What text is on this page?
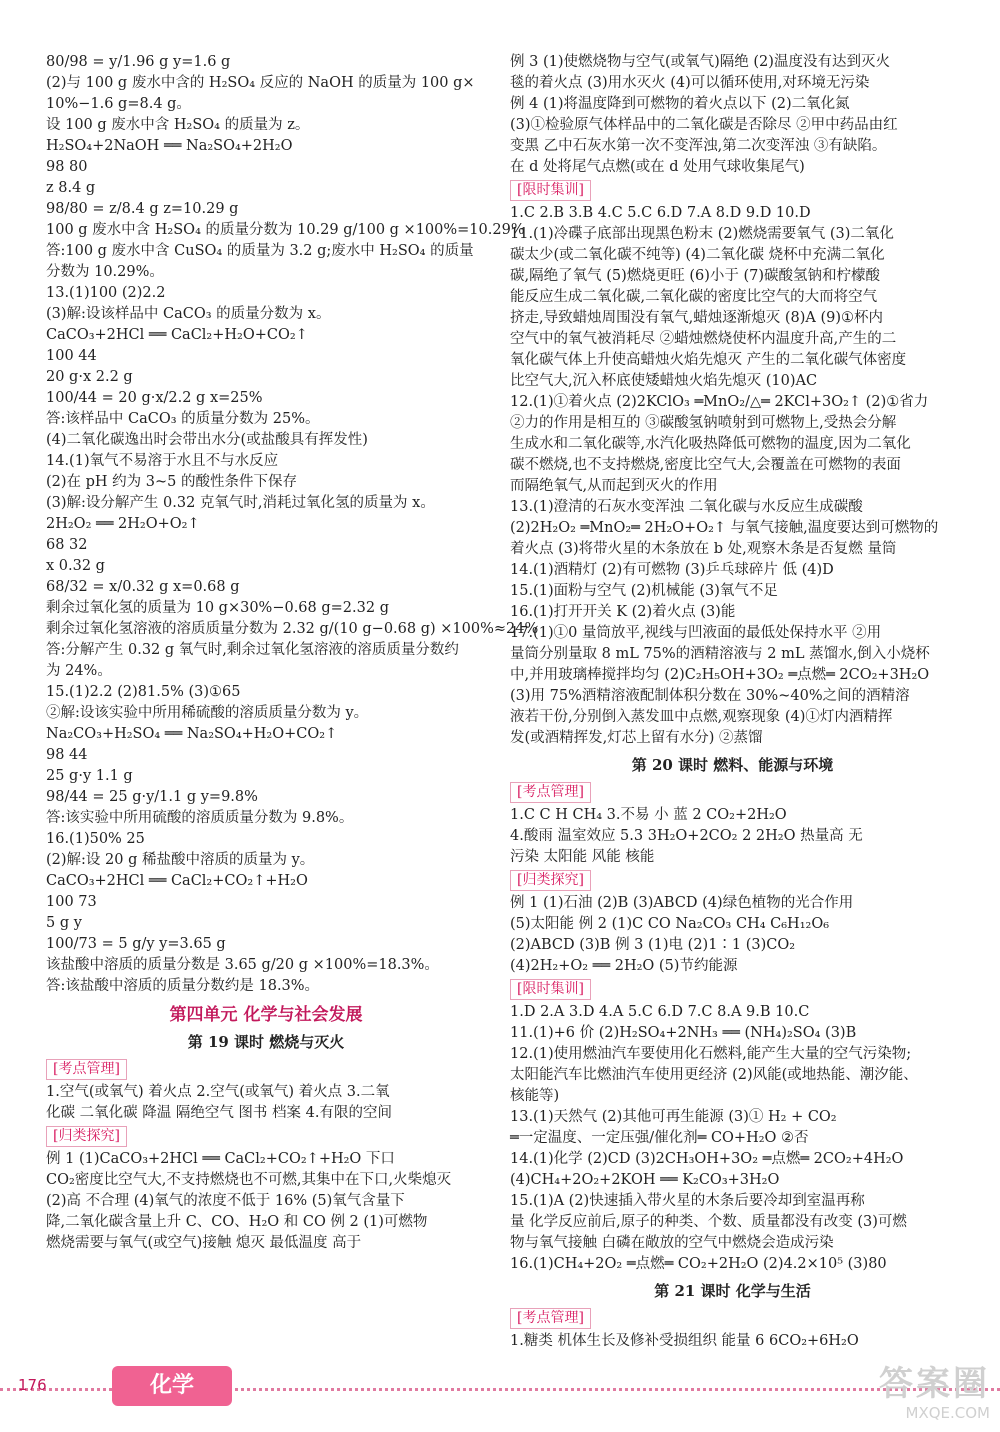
80/98 = y/1.96 g y=1.6 g
(2)与 100 g 废水中含的 H₂SO₄ 反应的 NaOH 的质量为 100 g×
10%−1.6 g=8.4 g。
设 100 g 废水中含 H₂SO₄ 的质量为 z。
H₂SO₄+2NaOH ══ Na₂SO₄+2H₂O
98 80
z 8.4 g
98/80 = z/8.4 g z=10.29 g
100 g 废水中含 H₂SO₄ 的质量分数为 10.29 g/100 g ×100%=10.29%
答:100 g 废水中含 CuSO₄ 的质量为 3.2 g;废水中 H₂SO₄ 的质量
分数为 10.29%。
13.(1)100 (2)2.2
(3)解:设该样品中 CaCO₃ 的质量分数为 x。
CaCO₃+2HCl ══ CaCl₂+H₂O+CO₂↑
100 44
20 g·x 2.2 g
100/44 = 20 g·x/2.2 g x=25%
答:该样品中 CaCO₃ 的质量分数为 25%。
(4)二氧化碳逸出时会带出水分(或盐酸具有挥发性)
14.(1)氧气不易溶于水且不与水反应
(2)在 pH 约为 3~5 的酸性条件下保存
(3)解:设分解产生 0.32 克氧气时,消耗过氧化氢的质量为 x。
2H₂O₂ ══ 2H₂O+O₂↑
68 32
x 0.32 g
68/32 = x/0.32 g x=0.68 g
剩余过氧化氢的质量为 10 g×30%−0.68 g=2.32 g
剩余过氧化氢溶液的溶质质量分数为 2.32 g/(10 g−0.68 g) ×100%≈24%
答:分解产生 0.32 g 氧气时,剩余过氧化氢溶液的溶质质量分数约
为 24%。
15.(1)2.2 (2)81.5% (3)①65
②解:设该实验中所用稀硫酸的溶质质量分数为 y。
Na₂CO₃+H₂SO₄ ══ Na₂SO₄+H₂O+CO₂↑
98 44
25 g·y 1.1 g
98/44 = 25 g·y/1.1 g y=9.8%
答:该实验中所用硫酸的溶质质量分数为 9.8%。
16.(1)50% 25
(2)解:设 20 g 稀盐酸中溶质的质量为 y。
CaCO₃+2HCl ══ CaCl₂+CO₂↑+H₂O
100 73
5 g y
100/73 = 5 g/y y=3.65 g
该盐酸中溶质的质量分数是 3.65 g/20 g ×100%=18.3%。
答:该盐酸中溶质的质量分数约是 18.3%。
第四单元 化学与社会发展
第 19 课时 燃烧与灭火
[考点管理]
1.空气(或氧气) 着火点 2.空气(或氧气) 着火点 3.二氧
化碳 二氧化碳 降温 隔绝空气 图书 档案 4.有限的空间
[归类探究]
例 1 (1)CaCO₃+2HCl ══ CaCl₂+CO₂↑+H₂O 下口
CO₂密度比空气大,不支持燃烧也不可燃,其集中在下口,火柴熄灭
(2)高 不合理 (4)氧气的浓度不低于 16% (5)氧气含量下
降,二氧化碳含量上升 C、CO、H₂O 和 CO 例 2 (1)可燃物
燃烧需要与氧气(或空气)接触 熄灭 最低温度 高于
例 3 (1)使燃烧物与空气(或氧气)隔绝 (2)温度没有达到灭火
毯的着火点 (3)用水灭火 (4)可以循环使用,对环境无污染
例 4 (1)将温度降到可燃物的着火点以下 (2)二氧化氮
(3)①检验原气体样品中的二氧化碳是否除尽 ②甲中药品由红
变黑 乙中石灰水第一次不变浑浊,第二次变浑浊 ③有缺陷。
在 d 处将尾气点燃(或在 d 处用气球收集尾气)
[限时集训]
1.C 2.B 3.B 4.C 5.C 6.D 7.A 8.D 9.D 10.D
11.(1)冷碟子底部出现黑色粉末 (2)燃烧需要氧气 (3)二氧化
碳太少(或二氧化碳不纯等) (4)二氧化碳 烧杯中充满二氧化
碳,隔绝了氧气 (5)燃烧更旺 (6)小于 (7)碳酸氢钠和柠檬酸
能反应生成二氧化碳,二氧化碳的密度比空气的大而将空气
挤走,导致蜡烛周围没有氧气,蜡烛逐渐熄灭 (8)A (9)①杯内
空气中的氧气被消耗尽 ②蜡烛燃烧使杯内温度升高,产生的二
氧化碳气体上升使高蜡烛火焰先熄灭 产生的二氧化碳气体密度
比空气大,沉入杯底使矮蜡烛火焰先熄灭 (10)AC
12.(1)①着火点 (2)2KClO₃ ═MnO₂/△═ 2KCl+3O₂↑ (2)①省力
②力的作用是相互的 ③碳酸氢钠喷射到可燃物上,受热会分解
生成水和二氧化碳等,水汽化吸热降低可燃物的温度,因为二氧化
碳不燃烧,也不支持燃烧,密度比空气大,会覆盖在可燃物的表面
而隔绝氧气,从而起到灭火的作用
13.(1)澄清的石灰水变浑浊 二氧化碳与水反应生成碳酸
(2)2H₂O₂ ═MnO₂═ 2H₂O+O₂↑ 与氧气接触,温度要达到可燃物的
着火点 (3)将带火星的木条放在 b 处,观察木条是否复燃 量筒
14.(1)酒精灯 (2)有可燃物 (3)乒乓球碎片 低 (4)D
15.(1)面粉与空气 (2)机械能 (3)氧气不足
16.(1)打开开关 K (2)着火点 (3)能
17.(1)①0 量筒放平,视线与凹液面的最低处保持水平 ②用
量筒分别量取 8 mL 75%的酒精溶液与 2 mL 蒸馏水,倒入小烧杯
中,并用玻璃棒搅拌均匀 (2)C₂H₅OH+3O₂ ═点燃═ 2CO₂+3H₂O
(3)用 75%酒精溶液配制体积分数在 30%~40%之间的酒精溶
液若干份,分别倒入蒸发皿中点燃,观察现象 (4)①灯内酒精挥
发(或酒精挥发,灯芯上留有水分) ②蒸馏
第 20 课时 燃料、能源与环境
[考点管理]
1.C C H CH₄ 3.不易 小 蓝 2 CO₂+2H₂O
4.酸雨 温室效应 5.3 3H₂O+2CO₂ 2 2H₂O 热量高 无
污染 太阳能 风能 核能
[归类探究]
例 1 (1)石油 (2)B (3)ABCD (4)绿色植物的光合作用
(5)太阳能 例 2 (1)C CO Na₂CO₃ CH₄ C₆H₁₂O₆
(2)ABCD (3)B 例 3 (1)电 (2)1∶1 (3)CO₂
(4)2H₂+O₂ ══ 2H₂O (5)节约能源
[限时集训]
1.D 2.A 3.D 4.A 5.C 6.D 7.C 8.A 9.B 10.C
11.(1)+6 价 (2)H₂SO₄+2NH₃ ══ (NH₄)₂SO₄ (3)B
12.(1)使用燃油汽车要使用化石燃料,能产生大量的空气污染物;
太阳能汽车比燃油汽车使用更经济 (2)风能(或地热能、潮汐能、
核能等)
13.(1)天然气 (2)其他可再生能源 (3)① H₂ + CO₂
═一定温度、一定压强/催化剂═ CO+H₂O ②否
14.(1)化学 (2)CD (3)2CH₃OH+3O₂ ═点燃═ 2CO₂+4H₂O
(4)CH₄+2O₂+2KOH ══ K₂CO₃+3H₂O
15.(1)A (2)快速插入带火星的木条后要冷却到室温再称
量 化学反应前后,原子的种类、个数、质量都没有改变 (3)可燃
物与氧气接触 白磷在敞放的空气中燃烧会造成污染
16.(1)CH₄+2O₂ ═点燃═ CO₂+2H₂O (2)4.2×10⁵ (3)80
第 21 课时 化学与生活
[考点管理]
1.糖类 机体生长及修补受损组织 能量 6 6CO₂+6H₂O
176	化学	答案圈
MXQE.COM
